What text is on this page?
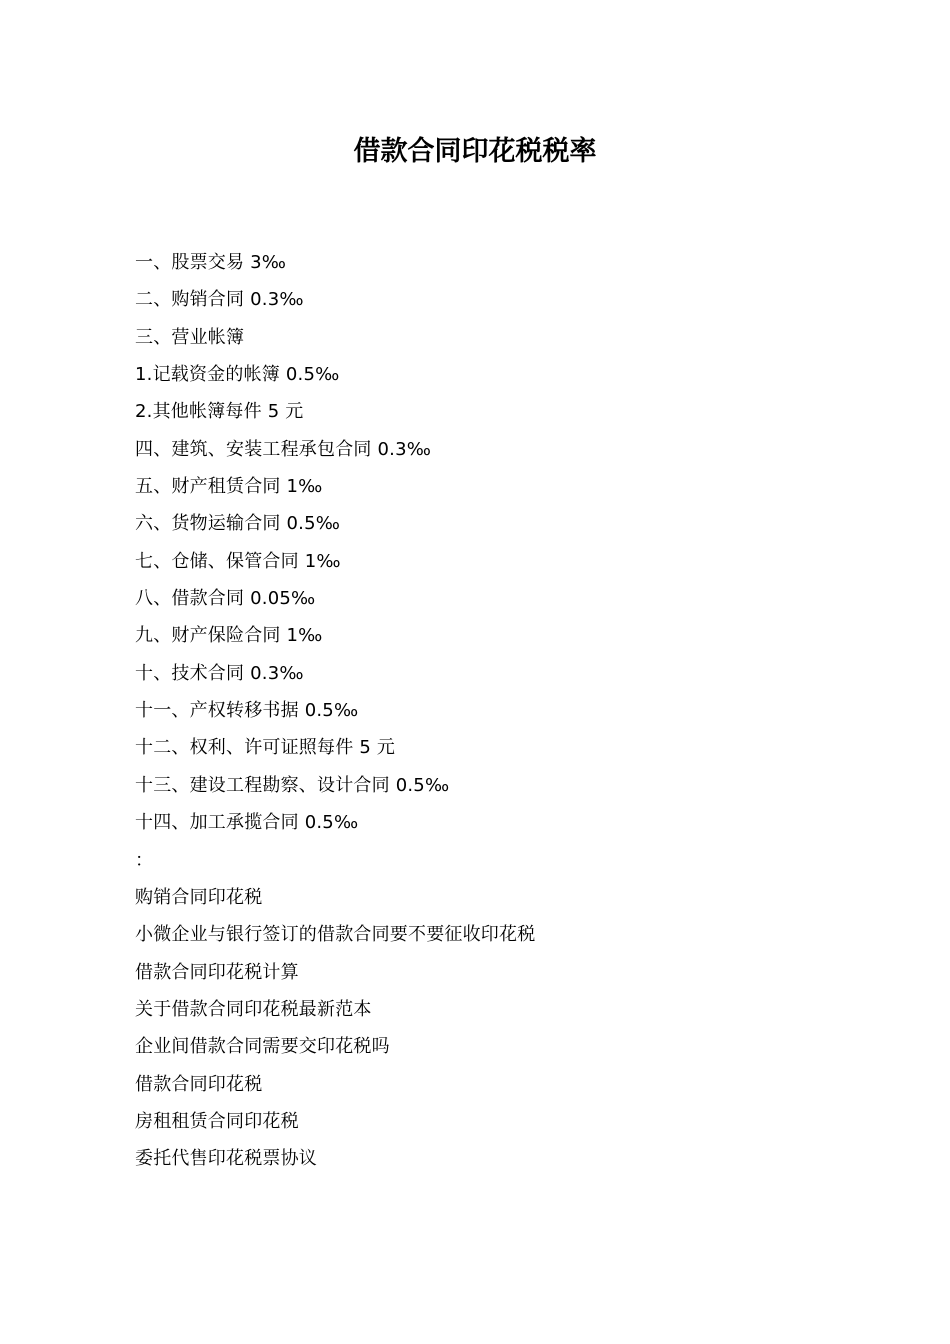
借款合同印花税税率
一、股票交易 3‰
二、购销合同 0.3‰
三、营业帐簿
1.记载资金的帐簿 0.5‰
2.其他帐簿每件 5 元
四、建筑、安装工程承包合同 0.3‰
五、财产租赁合同 1‰
六、货物运输合同 0.5‰
七、仓储、保管合同 1‰
八、借款合同 0.05‰
九、财产保险合同 1‰
十、技术合同 0.3‰
十一、产权转移书据 0.5‰
十二、权利、许可证照每件 5 元
十三、建设工程勘察、设计合同 0.5‰
十四、加工承揽合同 0.5‰
：
购销合同印花税
小微企业与银行签订的借款合同要不要征收印花税
借款合同印花税计算
关于借款合同印花税最新范本
企业间借款合同需要交印花税吗
借款合同印花税
房租租赁合同印花税
委托代售印花税票协议
